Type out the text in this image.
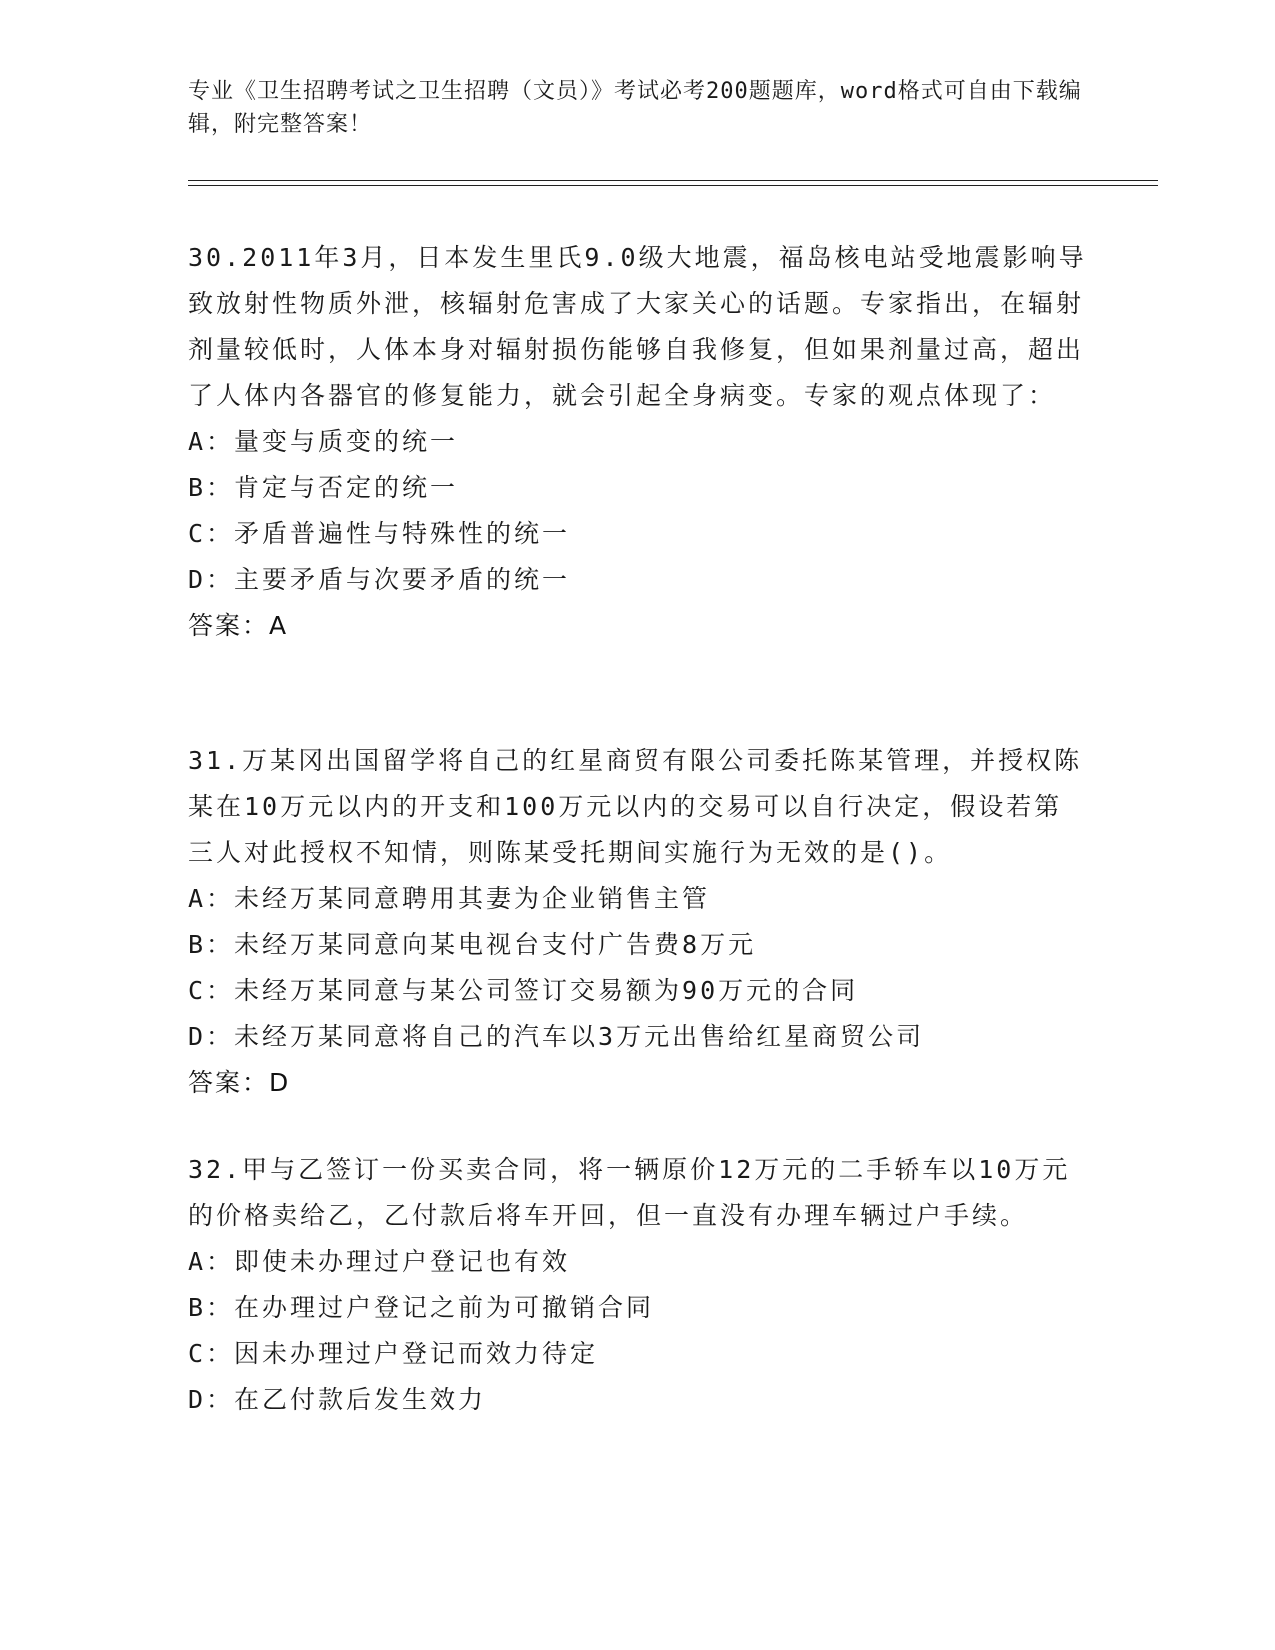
专业《卫生招聘考试之卫生招聘（文员）》考试必考200题题库，word格式可自由下载编辑，附完整答案！

30.2011年3月，日本发生里氏9.0级大地震，福岛核电站受地震影响导致放射性物质外泄，核辐射危害成了大家关心的话题。专家指出，在辐射剂量较低时，人体本身对辐射损伤能够自我修复，但如果剂量过高，超出了人体内各器官的修复能力，就会引起全身病变。专家的观点体现了：

A：量变与质变的统一

B：肯定与否定的统一

C：矛盾普遍性与特殊性的统一

D：主要矛盾与次要矛盾的统一

答案：A

31.万某冈出国留学将自己的红星商贸有限公司委托陈某管理，并授权陈某在10万元以内的开支和100万元以内的交易可以自行决定，假设若第三人对此授权不知情，则陈某受托期间实施行为无效的是()。

A：未经万某同意聘用其妻为企业销售主管

B：未经万某同意向某电视台支付广告费8万元

C：未经万某同意与某公司签订交易额为90万元的合同

D：未经万某同意将自己的汽车以3万元出售给红星商贸公司

答案：D

32.甲与乙签订一份买卖合同，将一辆原价12万元的二手轿车以10万元的价格卖给乙，乙付款后将车开回，但一直没有办理车辆过户手续。

A：即使未办理过户登记也有效

B：在办理过户登记之前为可撤销合同

C：因未办理过户登记而效力待定

D：在乙付款后发生效力
